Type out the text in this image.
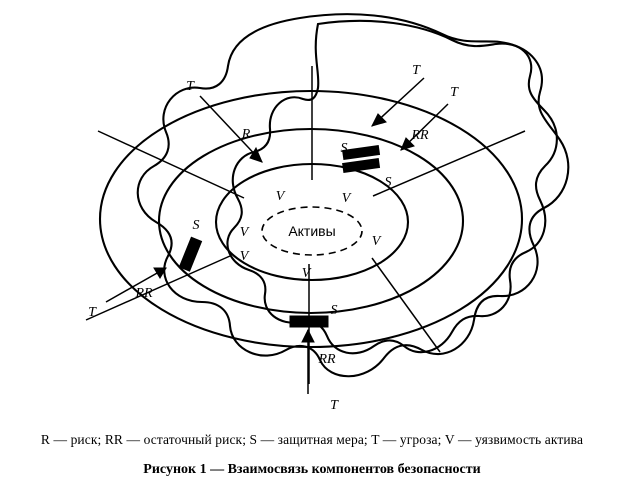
T
T
T
T
T
R	RR
RR
RR
S
S
S
S
V	V
V
V
V
V
Активы
R — риск; RR — остаточный риск; S — защитная мера; T — угроза; V — уязвимость актива
Рисунок 1 — Взаимосвязь компонентов безопасности
